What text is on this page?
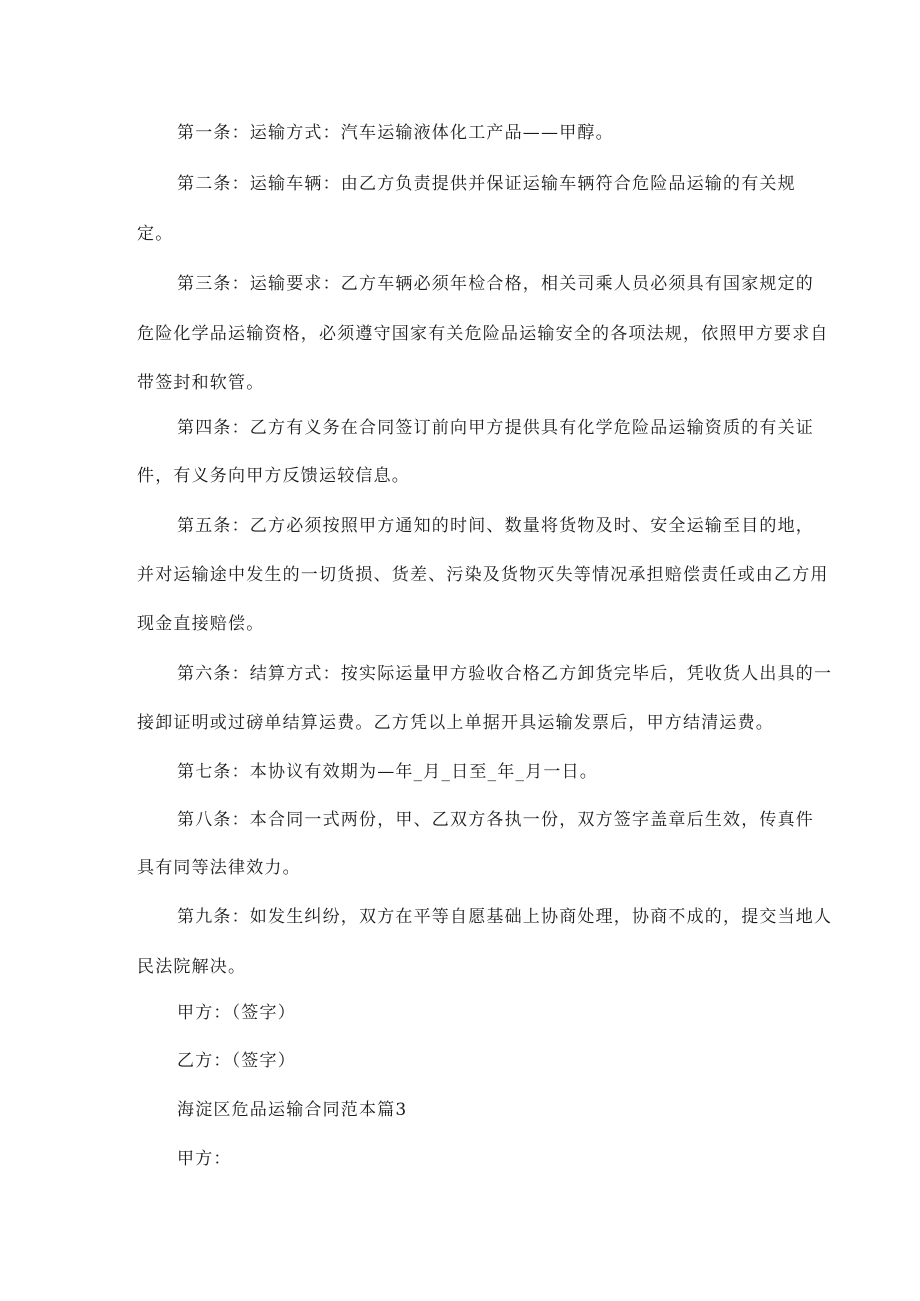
第一条：运输方式：汽车运输液体化工产品——甲醇。
第二条：运输车辆：由乙方负责提供并保证运输车辆符合危险品运输的有关规
定。
第三条：运输要求：乙方车辆必须年检合格，相关司乘人员必须具有国家规定的
危险化学品运输资格，必须遵守国家有关危险品运输安全的各项法规，依照甲方要求自
带签封和软管。
第四条：乙方有义务在合同签订前向甲方提供具有化学危险品运输资质的有关证
件，有义务向甲方反馈运较信息。
第五条：乙方必须按照甲方通知的时间、数量将货物及时、安全运输至目的地，
并对运输途中发生的一切货损、货差、污染及货物灭失等情况承担赔偿责任或由乙方用
现金直接赔偿。
第六条：结算方式：按实际运量甲方验收合格乙方卸货完毕后，凭收货人出具的一
接卸证明或过磅单结算运费。乙方凭以上单据开具运输发票后，甲方结清运费。
第七条：本协议有效期为—年_月_日至_年_月一日。
第八条：本合同一式两份，甲、乙双方各执一份，双方签字盖章后生效，传真件
具有同等法律效力。
第九条：如发生纠纷，双方在平等自愿基础上协商处理，协商不成的，提交当地人
民法院解决。
甲方：（签字）
乙方：（签字）
海淀区危品运输合同范本篇3
甲方：
